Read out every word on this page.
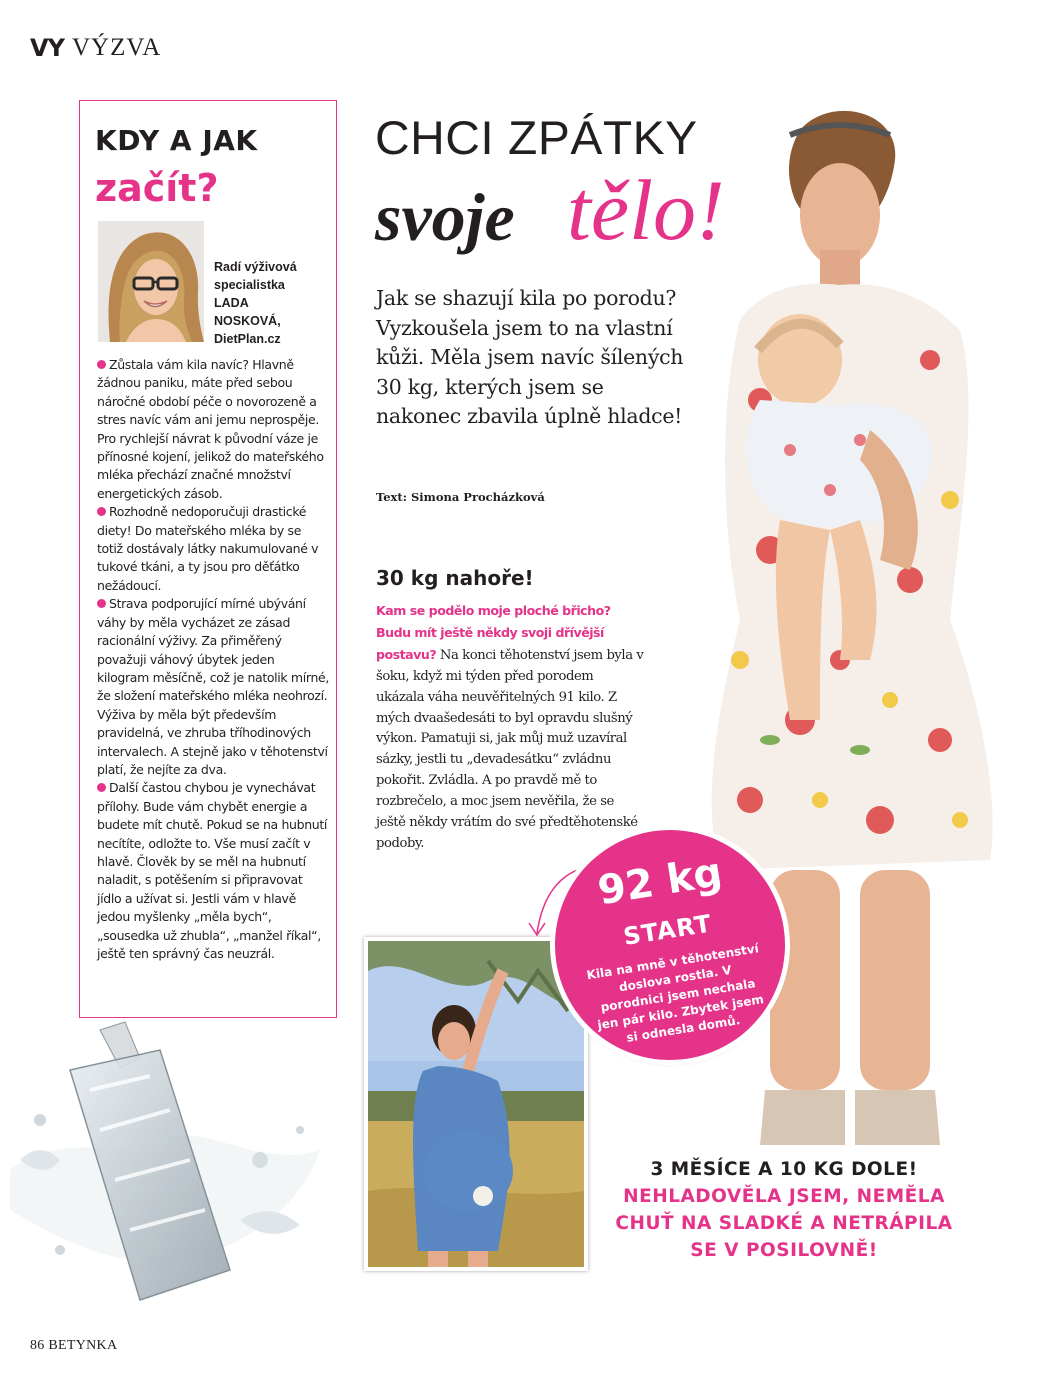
VY VÝZVA
KDY A JAK
začít?
Radí výživová
specialistka
LADA
NOSKOVÁ,
DietPlan.cz

Zůstala vám kila navíc? Hlavně žádnou paniku, máte před sebou náročné období péče o novorozeně a stres navíc vám ani jemu neprospěje. Pro rychlejší návrat k původní váze je přínosné kojení, jelikož do mateřského mléka přechází značné množství energetických zásob.

Rozhodně nedoporučuji drastické diety! Do mateřského mléka by se totiž dostávaly látky nakumulované v tukové tkáni, a ty jsou pro děťátko nežádoucí.

Strava podporující mírné ubývání váhy by měla vycházet ze zásad racionální výživy. Za přiměřený považuji váhový úbytek jeden kilogram měsíčně, což je natolik mírné, že složení mateřského mléka neohrozí. Výživa by měla být především pravidelná, ve zhruba tříhodinových intervalech. A stejně jako v těhotenství platí, že nejíte za dva.

Další častou chybou je vynechávat přílohy. Bude vám chybět energie a budete mít chutě. Pokud se na hubnutí necítíte, odložte to. Vše musí začít v hlavě. Člověk by se měl na hubnutí naladit, s potěšením si připravovat jídlo a užívat si. Jestli vám v hlavě jedou myšlenky „měla bych“, „sousedka už zhubla“, „manžel říkal“, ještě ten správný čas neuzrál.

CHCI ZPÁTKY
svoje tělo!
Jak se shazují kila po porodu? Vyzkoušela jsem to na vlastní kůži. Měla jsem navíc šílených 30 kg, kterých jsem se nakonec zbavila úplně hladce!
Text: Simona Procházková
30 kg nahoře!

Kam se podělo moje ploché břicho? Budu mít ještě někdy svoji dřívější postavu? Na konci těhotenství jsem byla v šoku, když mi týden před porodem ukázala váha neuvěřitelných 91 kilo. Z mých dvaašedesáti to byl opravdu slušný výkon. Pamatuji si, jak můj muž uzavíral sázky, jestli tu „devadesátku“ zvládnu pokořit. Zvládla. A po pravdě mě to rozbrečelo, a moc jsem nevěřila, že se ještě někdy vrátím do své předtěhotenské podoby.

92 kg
START
Kila na mně v těhotenství doslova rostla. V porodnici jsem nechala jen pár kilo. Zbytek jsem si odnesla domů.
3 MĚSÍCE A 10 KG DOLE!
NEHLADOVĚLA JSEM, NEMĚLA CHUŤ NA SLADKÉ A NETRÁPILA SE V POSILOVNĚ!
86 BETYNKA
